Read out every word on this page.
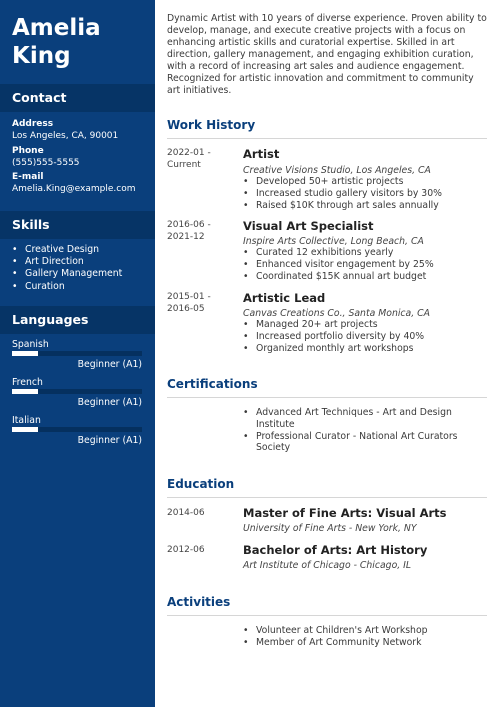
Amelia
King
Contact
Address
Los Angeles, CA, 90001
Phone
(555)555-5555
E-mail
Amelia.King@example.com
Skills
• Creative Design
• Art Direction
• Gallery Management
• Curation
Languages
Spanish
Beginner (A1)
French
Beginner (A1)
Italian
Beginner (A1)
Dynamic Artist with 10 years of diverse experience. Proven ability to develop, manage, and execute creative projects with a focus on enhancing artistic skills and curatorial expertise. Skilled in art direction, gallery management, and engaging exhibition curation, with a record of increasing art sales and audience engagement. Recognized for artistic innovation and commitment to community art initiatives.
Work History
2022-01 -
Current
Artist
Creative Visions Studio, Los Angeles, CA
• Developed 50+ artistic projects
• Increased studio gallery visitors by 30%
• Raised $10K through art sales annually
2016-06 -
2021-12
Visual Art Specialist
Inspire Arts Collective, Long Beach, CA
• Curated 12 exhibitions yearly
• Enhanced visitor engagement by 25%
• Coordinated $15K annual art budget
2015-01 -
2016-05
Artistic Lead
Canvas Creations Co., Santa Monica, CA
• Managed 20+ art projects
• Increased portfolio diversity by 40%
• Organized monthly art workshops
Certifications
• Advanced Art Techniques - Art and Design Institute
• Professional Curator - National Art Curators Society
Education
2014-06	Master of Fine Arts: Visual Arts
University of Fine Arts - New York, NY
2012-06	Bachelor of Arts: Art History
Art Institute of Chicago - Chicago, IL
Activities
• Volunteer at Children's Art Workshop
• Member of Art Community Network
